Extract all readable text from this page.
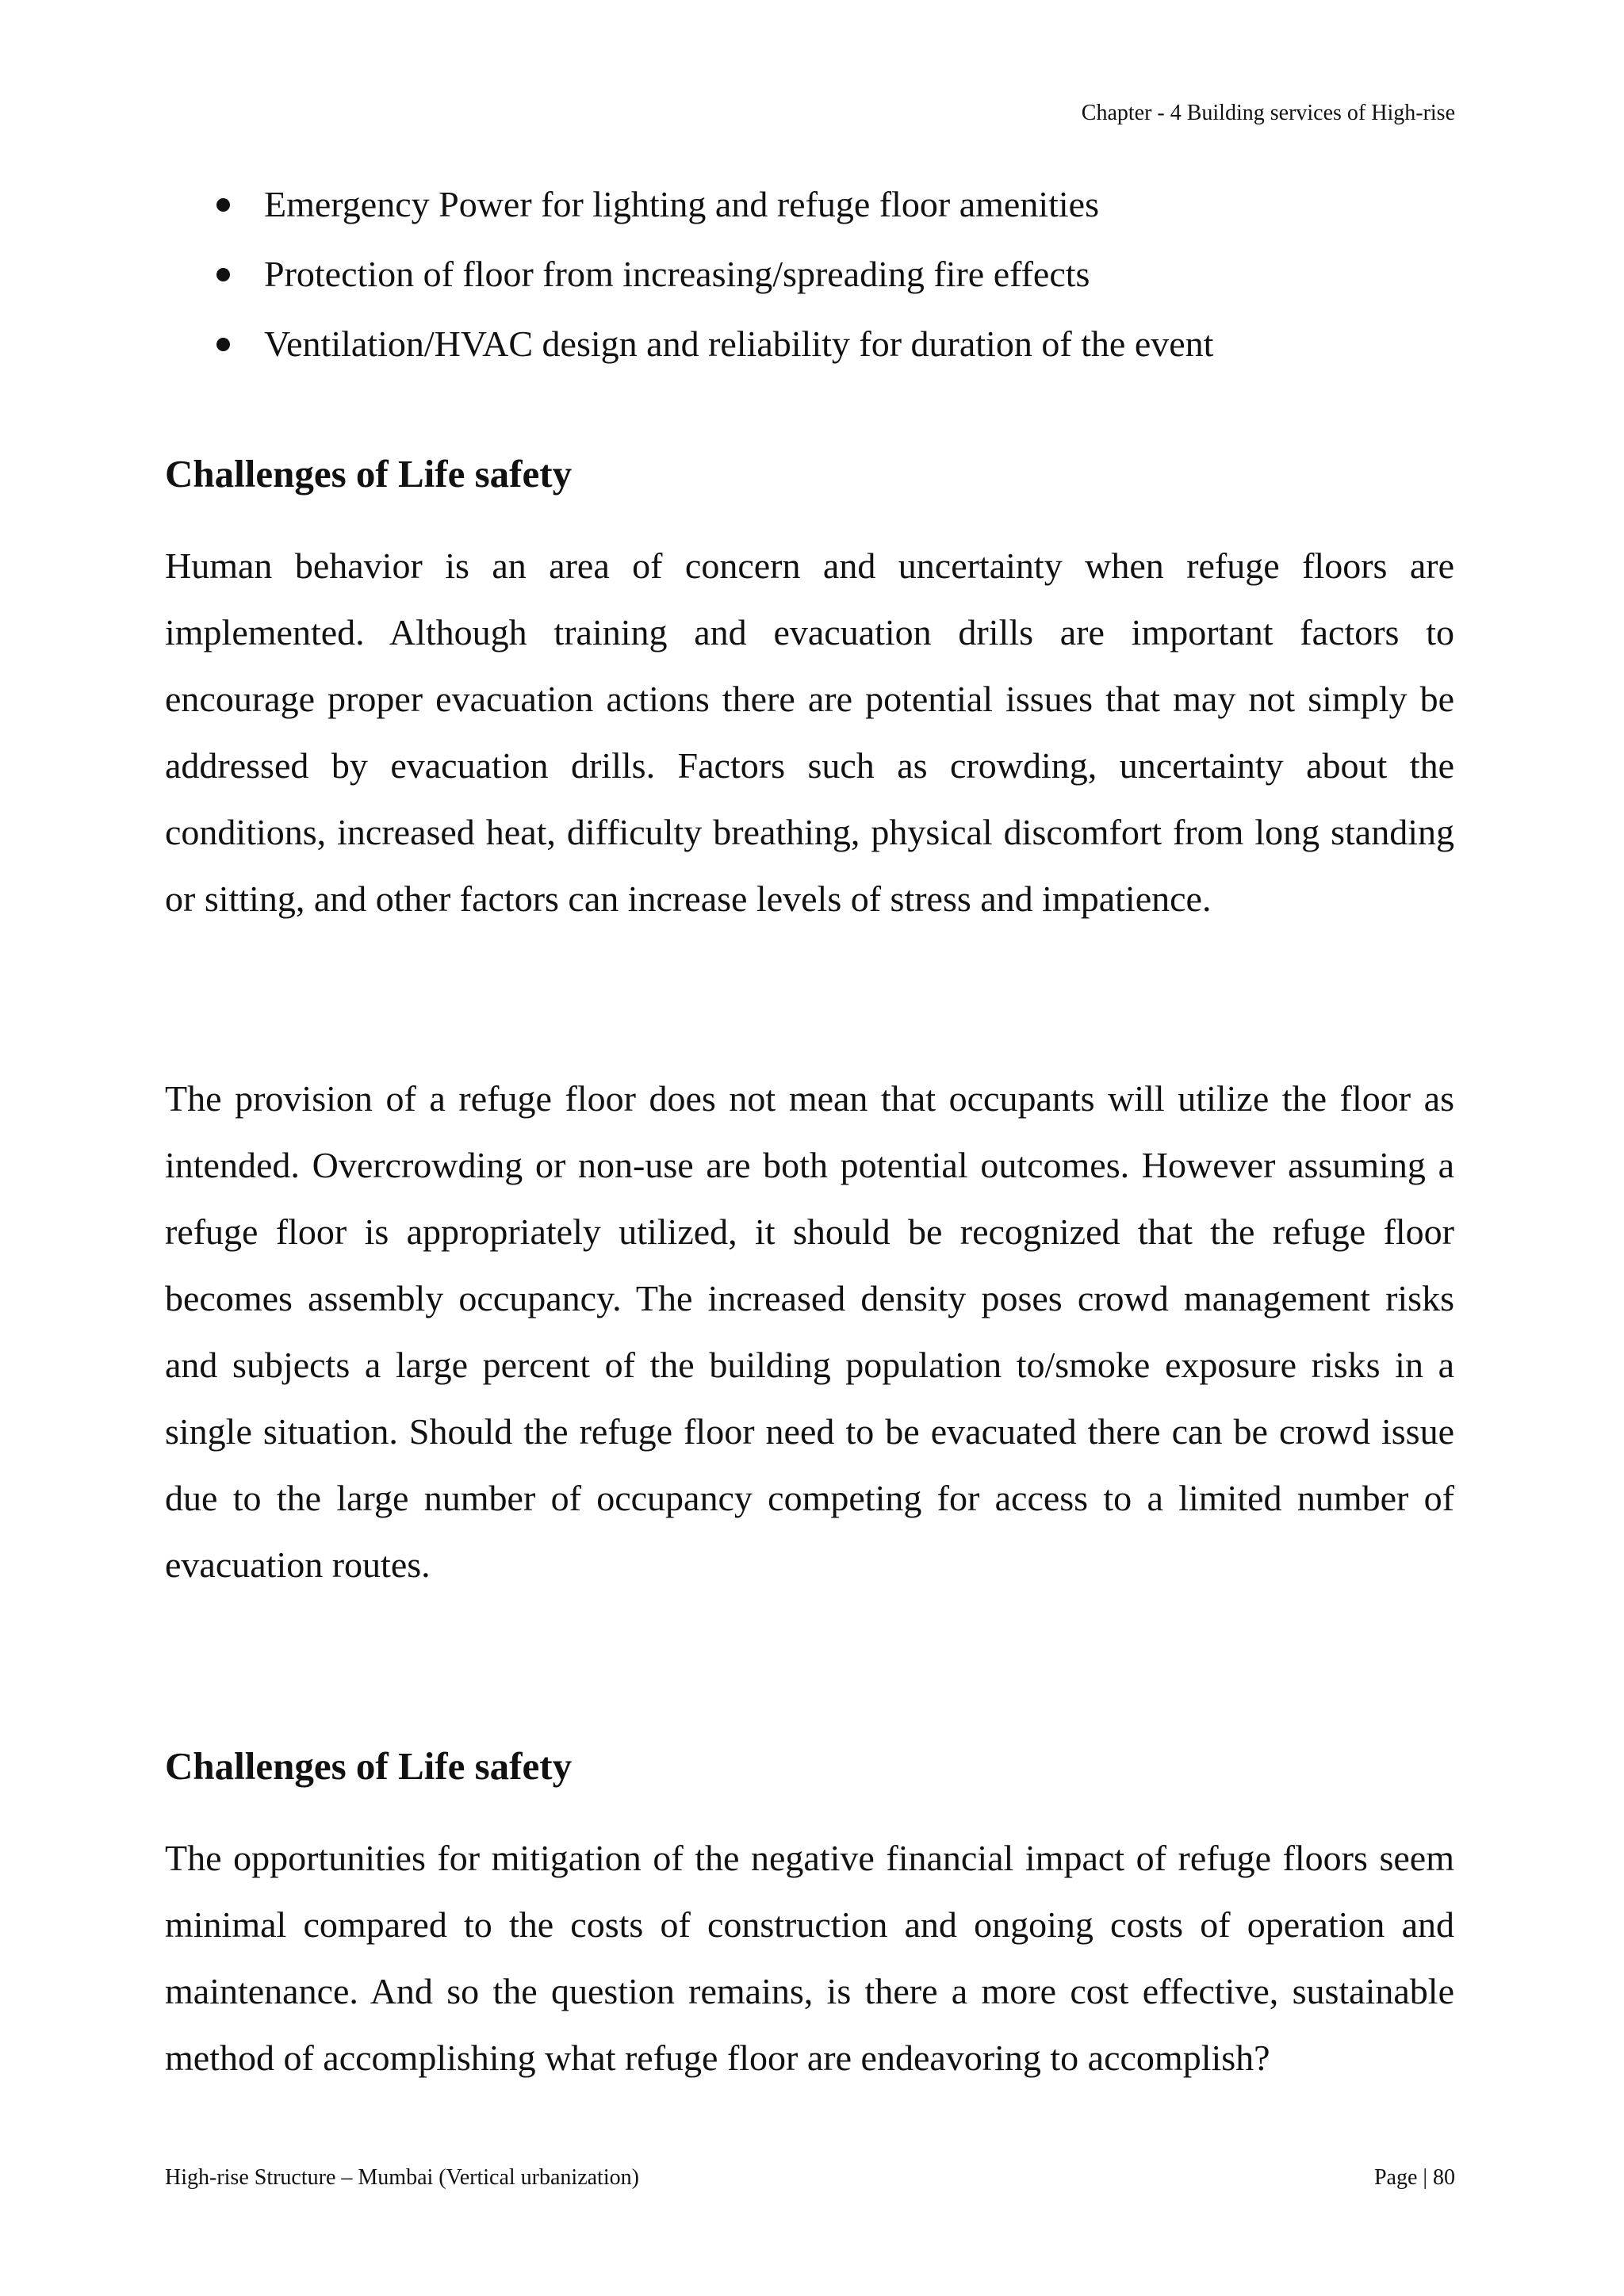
Chapter - 4 Building services of High-rise
Emergency Power for lighting and refuge floor amenities
Protection of floor from increasing/spreading fire effects
Ventilation/HVAC design and reliability for duration of the event
Challenges of Life safety

Human behavior is an area of concern and uncertainty when refuge floors are implemented. Although training and evacuation drills are important factors to encourage proper evacuation actions there are potential issues that may not simply be addressed by evacuation drills. Factors such as crowding, uncertainty about the conditions, increased heat, difficulty breathing, physical discomfort from long standing or sitting, and other factors can increase levels of stress and impatience.

The provision of a refuge floor does not mean that occupants will utilize the floor as intended. Overcrowding or non-use are both potential outcomes. However assuming a refuge floor is appropriately utilized, it should be recognized that the refuge floor becomes assembly occupancy. The increased density poses crowd management risks and subjects a large percent of the building population to/smoke exposure risks in a single situation. Should the refuge floor need to be evacuated there can be crowd issue due to the large number of occupancy competing for access to a limited number of evacuation routes.

Challenges of Life safety

The opportunities for mitigation of the negative financial impact of refuge floors seem minimal compared to the costs of construction and ongoing costs of operation and maintenance. And so the question remains, is there a more cost effective, sustainable method of accomplishing what refuge floor are endeavoring to accomplish?

High-rise Structure – Mumbai (Vertical urbanization)	Page | 80
